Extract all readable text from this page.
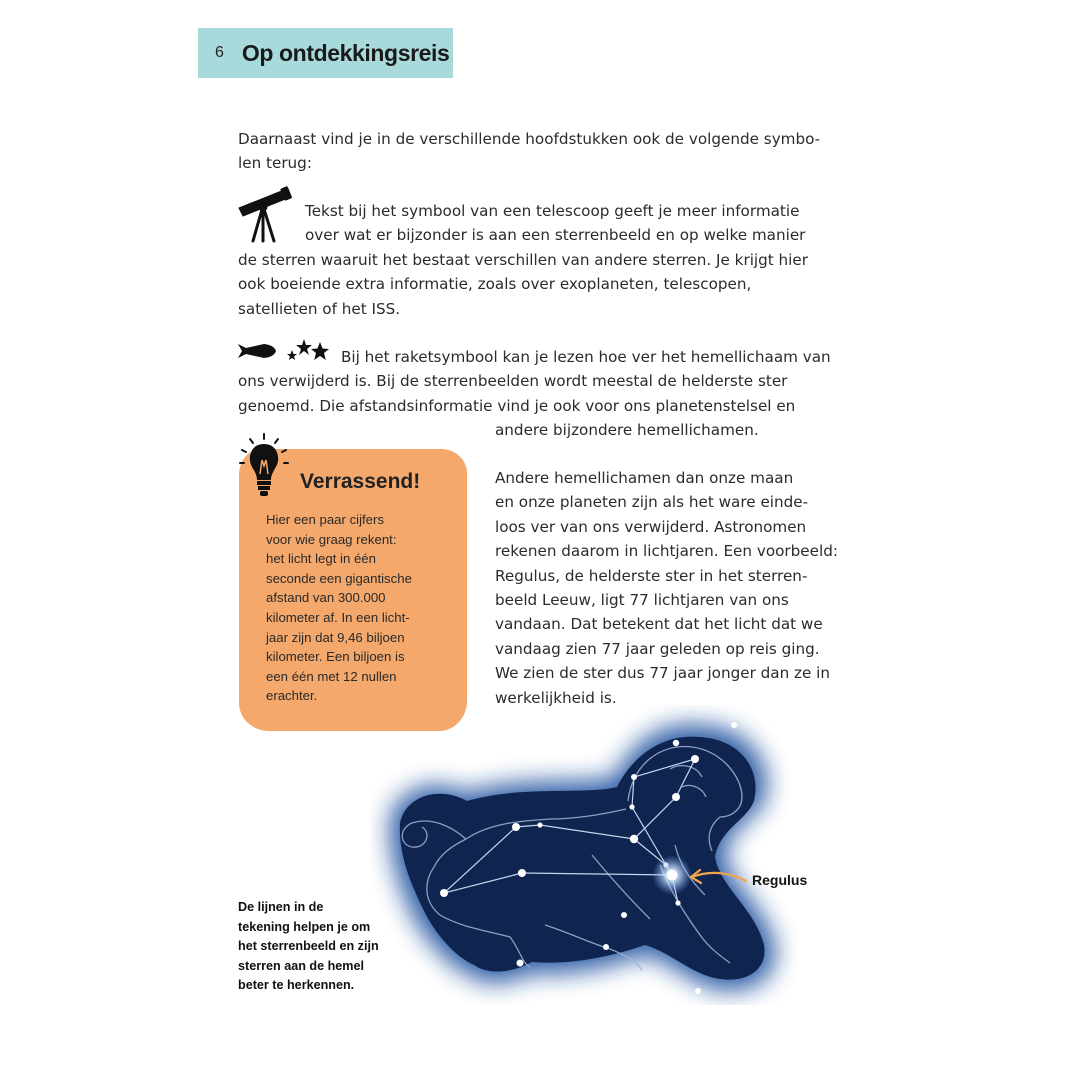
6 Op ontdekkingsreis
Daarnaast vind je in de verschillende hoofdstukken ook de volgende symbo-
len terug:
Tekst bij het symbool van een telescoop geeft je meer informatie
over wat er bijzonder is aan een sterrenbeeld en op welke manier
de sterren waaruit het bestaat verschillen van andere sterren. Je krijgt hier
ook boeiende extra informatie, zoals over exoplaneten, telescopen,
satellieten of het ISS.
Bij het raketsymbool kan je lezen hoe ver het hemellichaam van
ons verwijderd is. Bij de sterrenbeelden wordt meestal de helderste ster
genoemd. Die afstandsinformatie vind je ook voor ons planetenstelsel en
andere bijzondere hemellichamen.
Verrassend!
Hier een paar cijfers
voor wie graag rekent:
het licht legt in één
seconde een gigantische
afstand van 300.000
kilometer af. In een licht-
jaar zijn dat 9,46 biljoen
kilometer. Een biljoen is
een één met 12 nullen
erachter.
Andere hemellichamen dan onze maan
en onze planeten zijn als het ware einde-
loos ver van ons verwijderd. Astronomen
rekenen daarom in lichtjaren. Een voorbeeld:
Regulus, de helderste ster in het sterren-
beeld Leeuw, ligt 77 lichtjaren van ons
vandaan. Dat betekent dat het licht dat we
vandaag zien 77 jaar geleden op reis ging.
We zien de ster dus 77 jaar jonger dan ze in
werkelijkheid is.
Regulus
De lijnen in de
tekening helpen je om
het sterrenbeeld en zijn
sterren aan de hemel
beter te herkennen.
